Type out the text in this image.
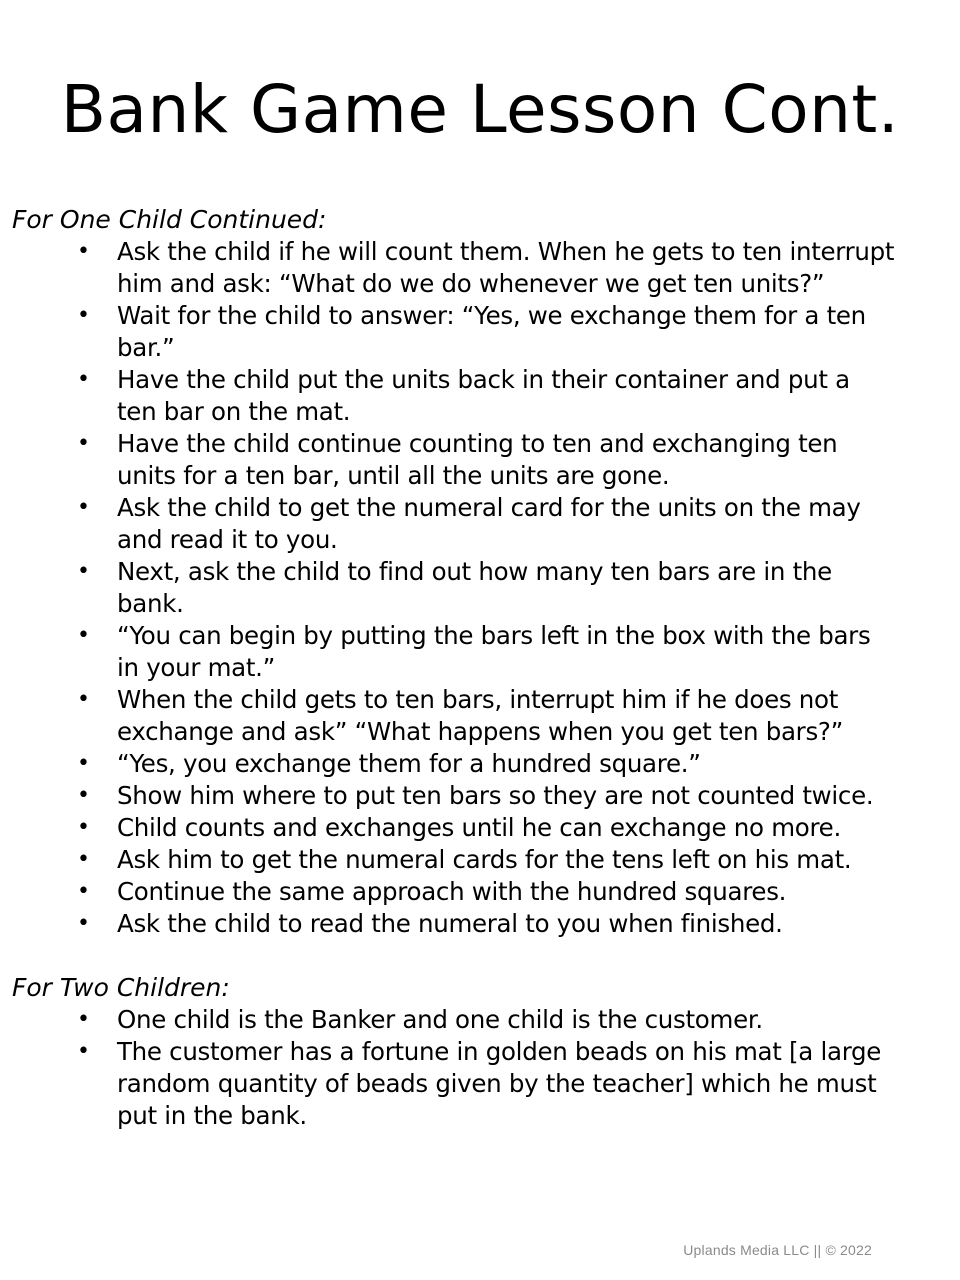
Bank Game Lesson Cont.
For One Child Continued:
• Ask the child if he will count them. When he gets to ten interrupt
him and ask: “What do we do whenever we get ten units?”
• Wait for the child to answer: “Yes, we exchange them for a ten
bar.”
• Have the child put the units back in their container and put a
ten bar on the mat.
• Have the child continue counting to ten and exchanging ten
units for a ten bar, until all the units are gone.
• Ask the child to get the numeral card for the units on the may
and read it to you.
• Next, ask the child to find out how many ten bars are in the
bank.
• “You can begin by putting the bars left in the box with the bars
in your mat.”
• When the child gets to ten bars, interrupt him if he does not
exchange and ask” “What happens when you get ten bars?”
• “Yes, you exchange them for a hundred square.”
• Show him where to put ten bars so they are not counted twice.
• Child counts and exchanges until he can exchange no more.
• Ask him to get the numeral cards for the tens left on his mat.
• Continue the same approach with the hundred squares.
• Ask the child to read the numeral to you when finished.
For Two Children:
• One child is the Banker and one child is the customer.
• The customer has a fortune in golden beads on his mat [a large
random quantity of beads given by the teacher] which he must
put in the bank.
Uplands Media LLC || © 2022
